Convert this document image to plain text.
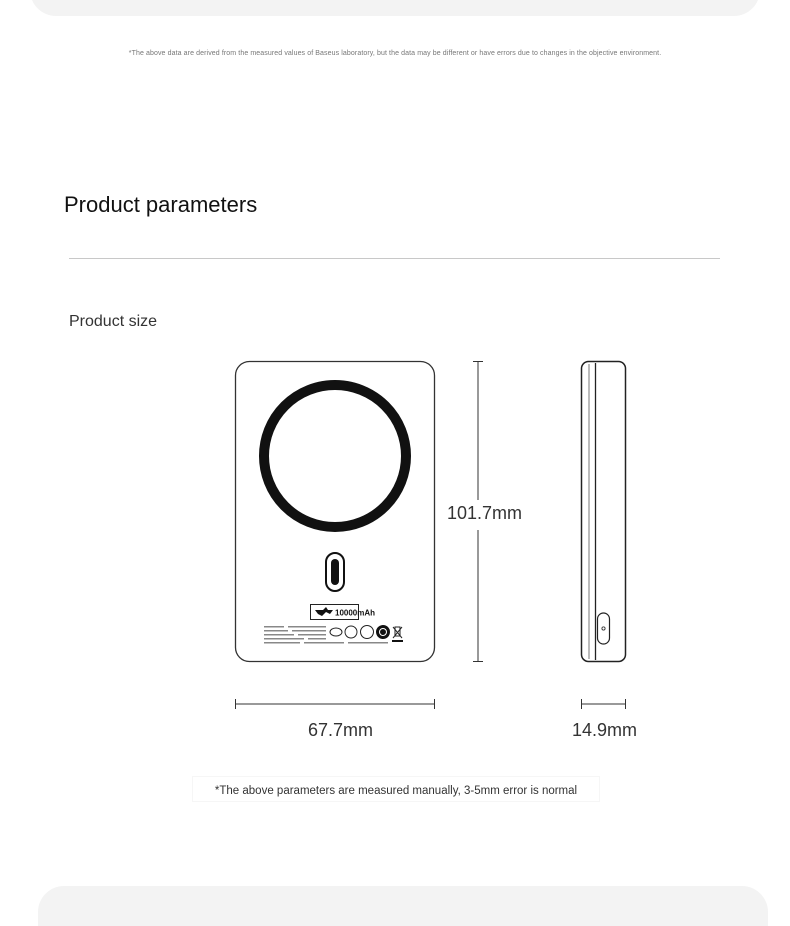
*The above data are derived from the measured values of Baseus laboratory, but the data may be different or have errors due to changes in the objective environment.
Product parameters
Product size
10000mAh
101.7mm
67.7mm	14.9mm
*The above parameters are measured manually, 3-5mm error is normal
